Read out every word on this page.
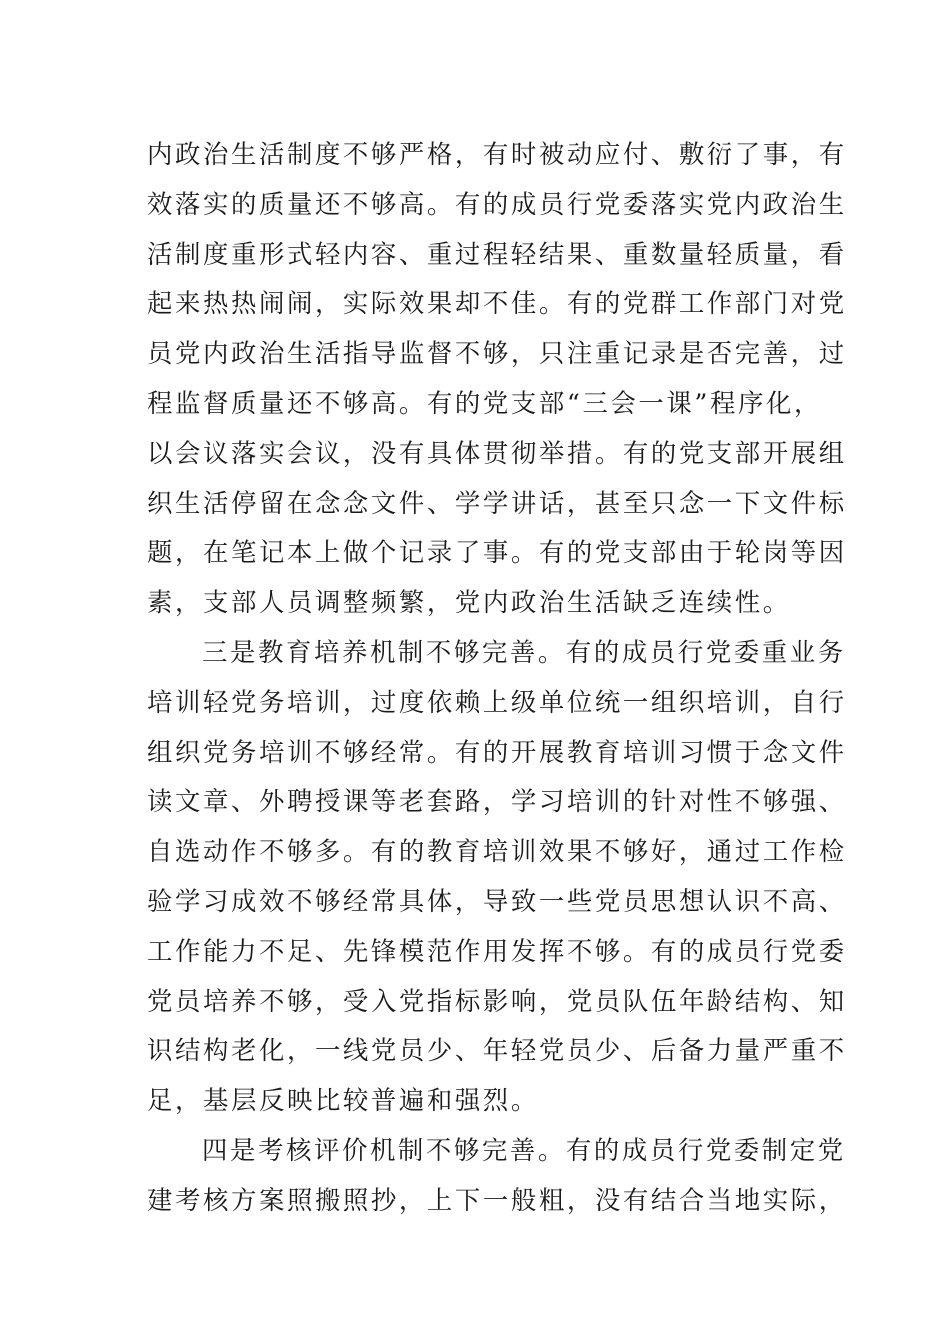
内政治生活制度不够严格，有时被动应付、敷衍了事，有
效落实的质量还不够高。有的成员行党委落实党内政治生
活制度重形式轻内容、重过程轻结果、重数量轻质量，看
起来热热闹闹，实际效果却不佳。有的党群工作部门对党
员党内政治生活指导监督不够，只注重记录是否完善，过
程监督质量还不够高。有的党支部“三会一课”程序化，
以会议落实会议，没有具体贯彻举措。有的党支部开展组
织生活停留在念念文件、学学讲话，甚至只念一下文件标
题，在笔记本上做个记录了事。有的党支部由于轮岗等因
素，支部人员调整频繁，党内政治生活缺乏连续性。
三是教育培养机制不够完善。有的成员行党委重业务
培训轻党务培训，过度依赖上级单位统一组织培训，自行
组织党务培训不够经常。有的开展教育培训习惯于念文件
读文章、外聘授课等老套路，学习培训的针对性不够强、
自选动作不够多。有的教育培训效果不够好，通过工作检
验学习成效不够经常具体，导致一些党员思想认识不高、
工作能力不足、先锋模范作用发挥不够。有的成员行党委
党员培养不够，受入党指标影响，党员队伍年龄结构、知
识结构老化，一线党员少、年轻党员少、后备力量严重不
足，基层反映比较普遍和强烈。
四是考核评价机制不够完善。有的成员行党委制定党
建考核方案照搬照抄，上下一般粗，没有结合当地实际，
